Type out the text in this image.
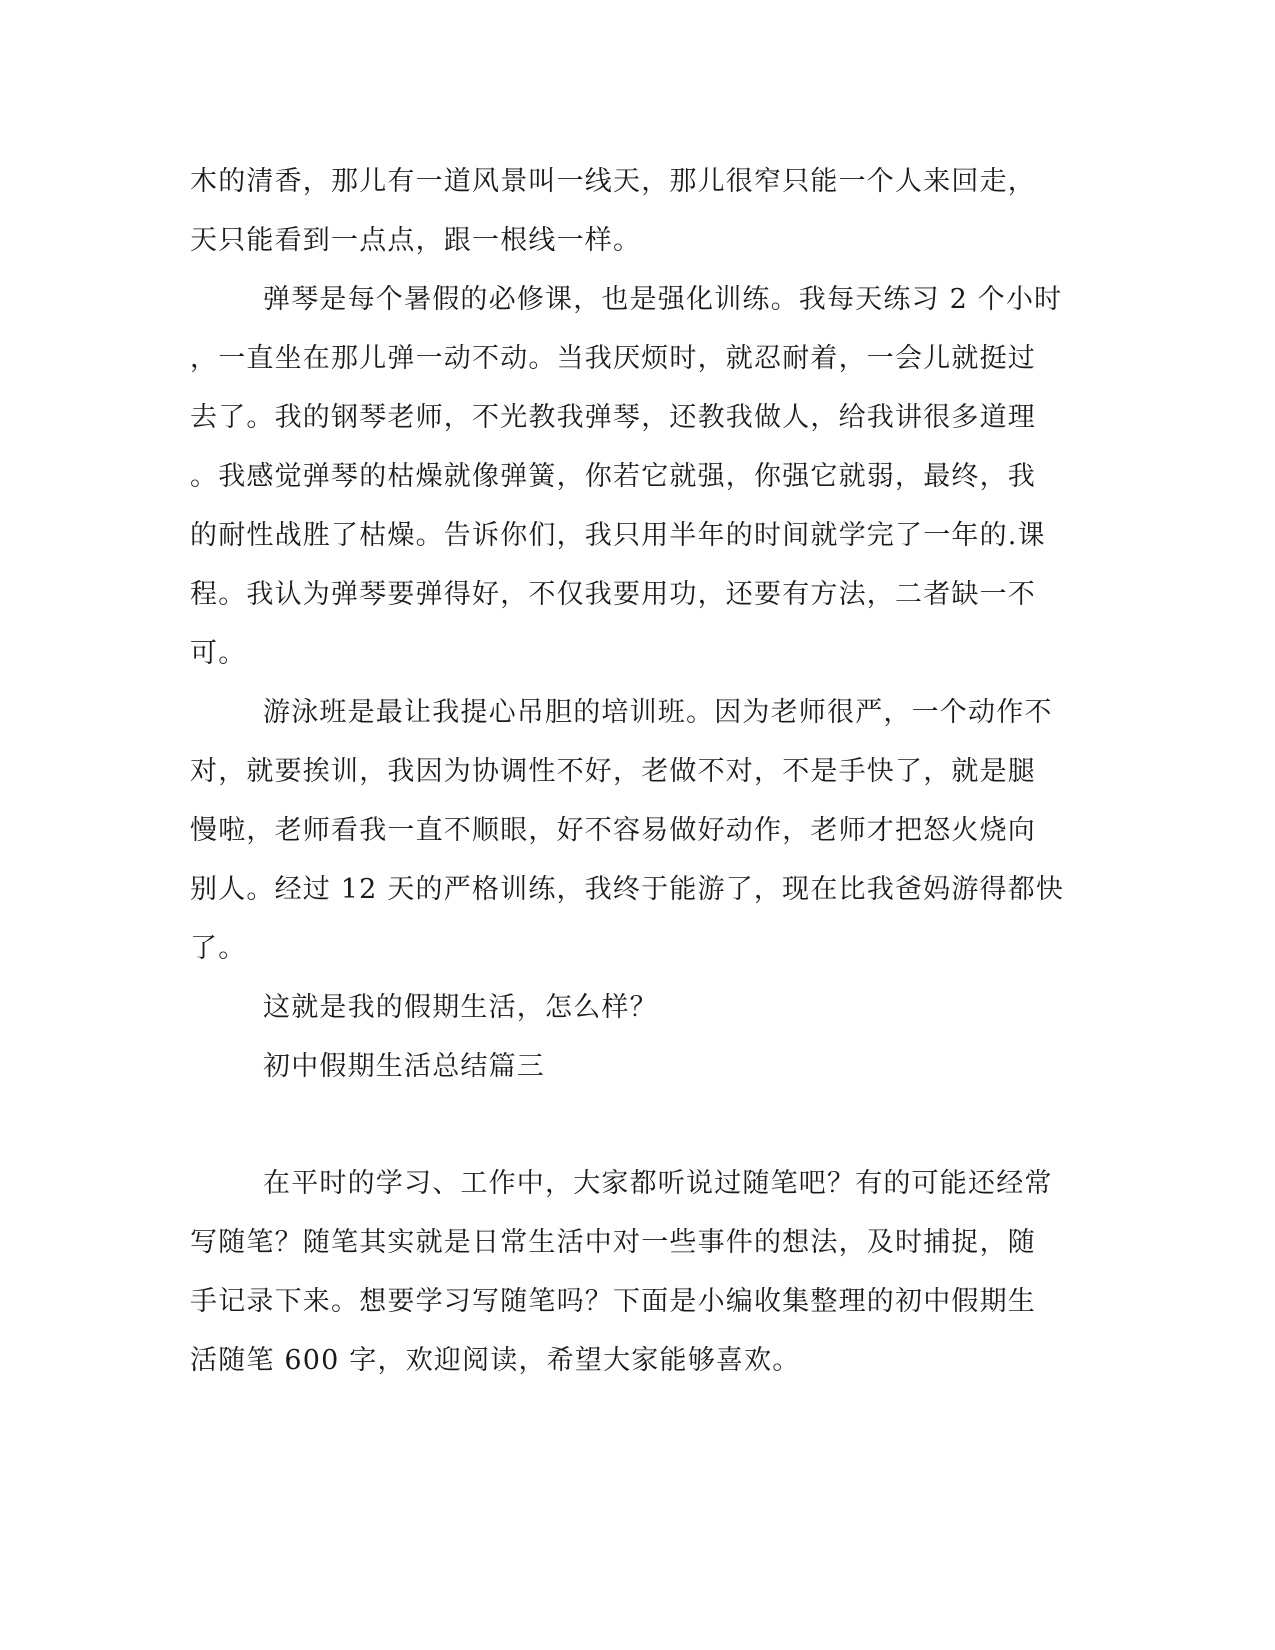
木的清香，那儿有一道风景叫一线天，那儿很窄只能一个人来回走，
天只能看到一点点，跟一根线一样。
弹琴是每个暑假的必修课，也是强化训练。我每天练习 2 个小时
，一直坐在那儿弹一动不动。当我厌烦时，就忍耐着，一会儿就挺过
去了。我的钢琴老师，不光教我弹琴，还教我做人，给我讲很多道理
。我感觉弹琴的枯燥就像弹簧，你若它就强，你强它就弱，最终，我
的耐性战胜了枯燥。告诉你们，我只用半年的时间就学完了一年的.课
程。我认为弹琴要弹得好，不仅我要用功，还要有方法，二者缺一不
可。
游泳班是最让我提心吊胆的培训班。因为老师很严，一个动作不
对，就要挨训，我因为协调性不好，老做不对，不是手快了，就是腿
慢啦，老师看我一直不顺眼，好不容易做好动作，老师才把怒火烧向
别人。经过 12 天的严格训练，我终于能游了，现在比我爸妈游得都快
了。
这就是我的假期生活，怎么样？
初中假期生活总结篇三
在平时的学习、工作中，大家都听说过随笔吧？有的可能还经常
写随笔？随笔其实就是日常生活中对一些事件的想法，及时捕捉，随
手记录下来。想要学习写随笔吗？下面是小编收集整理的初中假期生
活随笔 600 字，欢迎阅读，希望大家能够喜欢。
